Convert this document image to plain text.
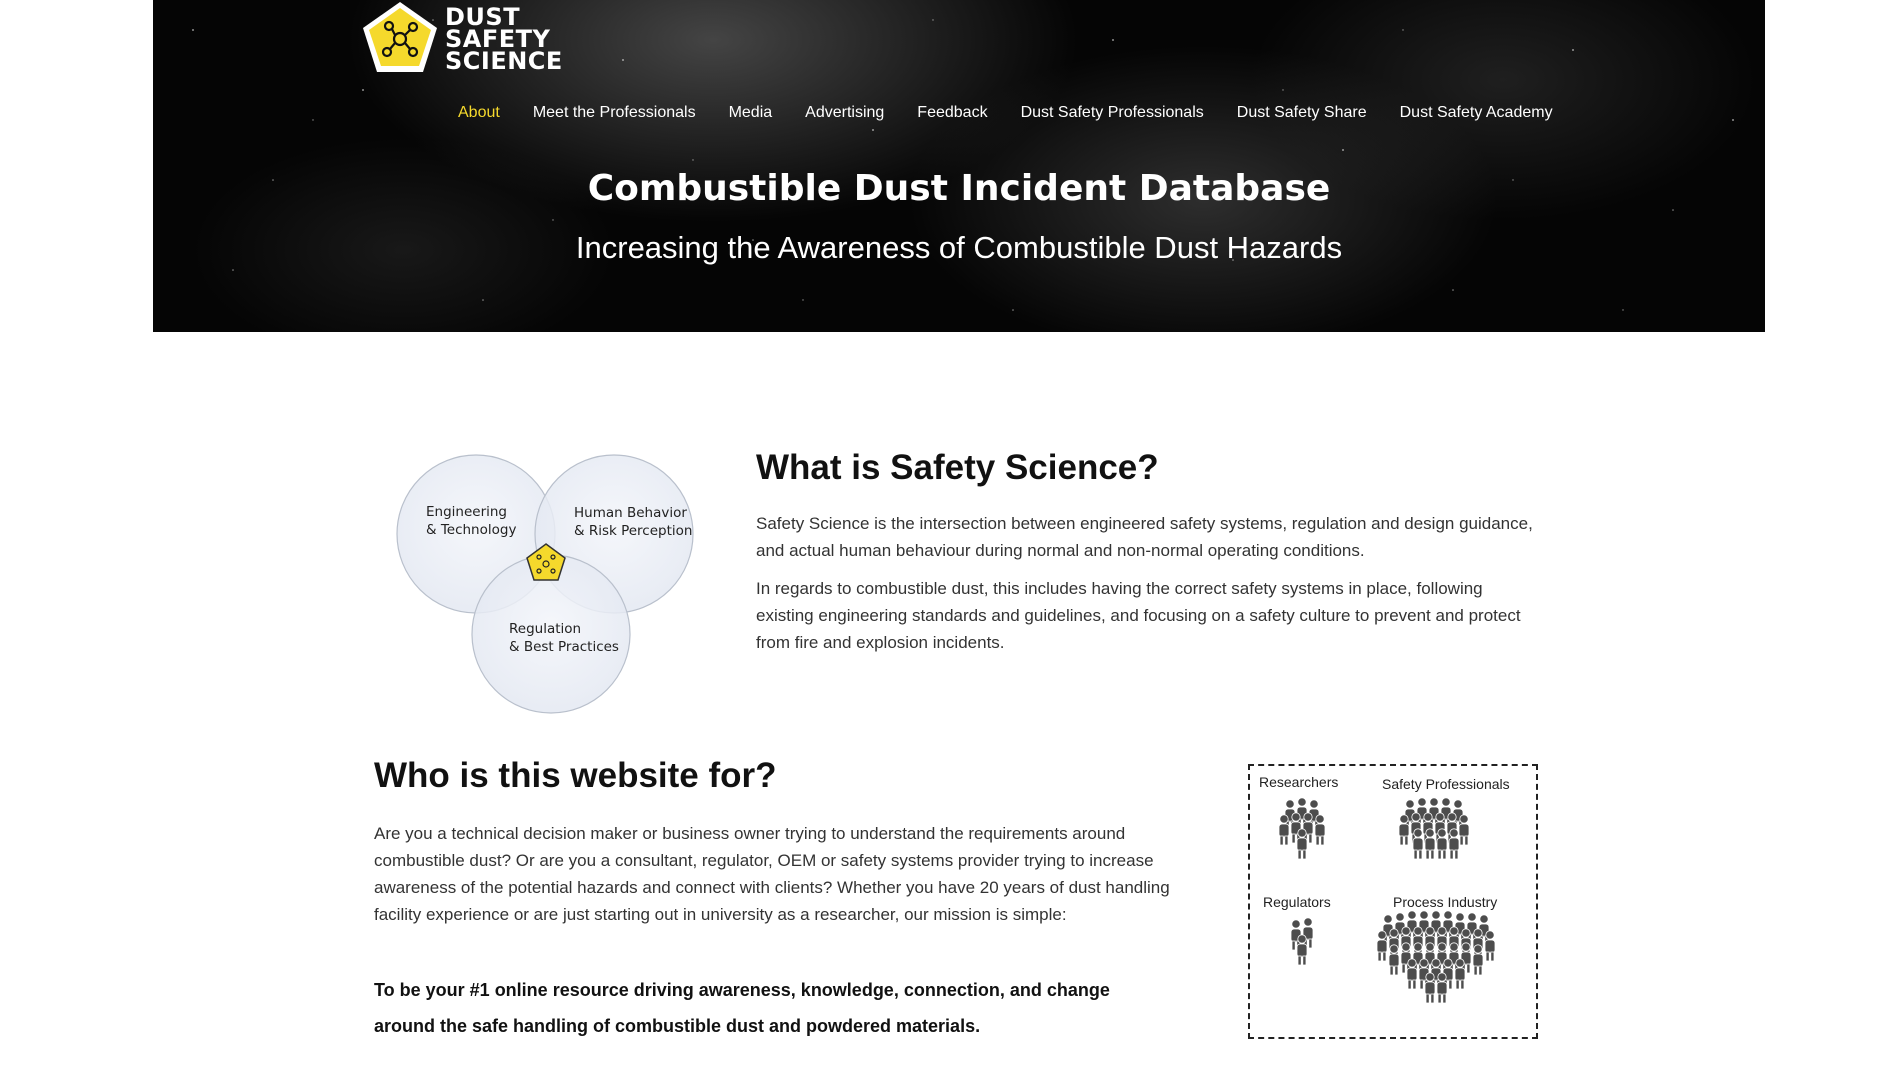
DUST
SAFETY
SCIENCE
About Meet the Professionals Media Advertising Feedback Dust Safety Professionals Dust Safety Share Dust Safety Academy
Combustible Dust Incident Database
Increasing the Awareness of Combustible Dust Hazards
Engineering
& Technology
Human Behavior
& Risk Perception
Regulation
& Best Practices
What is Safety Science?

Safety Science is the intersection between engineered safety systems, regulation and design guidance, and actual human behaviour during normal and non-normal operating conditions.

In regards to combustible dust, this includes having the correct safety systems in place, following existing engineering standards and guidelines, and focusing on a safety culture to prevent and protect from fire and explosion incidents.

Who is this website for?

Are you a technical decision maker or business owner trying to understand the requirements around combustible dust? Or are you a consultant, regulator, OEM or safety systems provider trying to increase awareness of the potential hazards and connect with clients? Whether you have 20 years of dust handling facility experience or are just starting out in university as a researcher, our mission is simple:

To be your #1 online resource driving awareness, knowledge, connection, and change around the safe handling of combustible dust and powdered materials.

Researchers	Safety Professionals
Regulators	Process Industry
